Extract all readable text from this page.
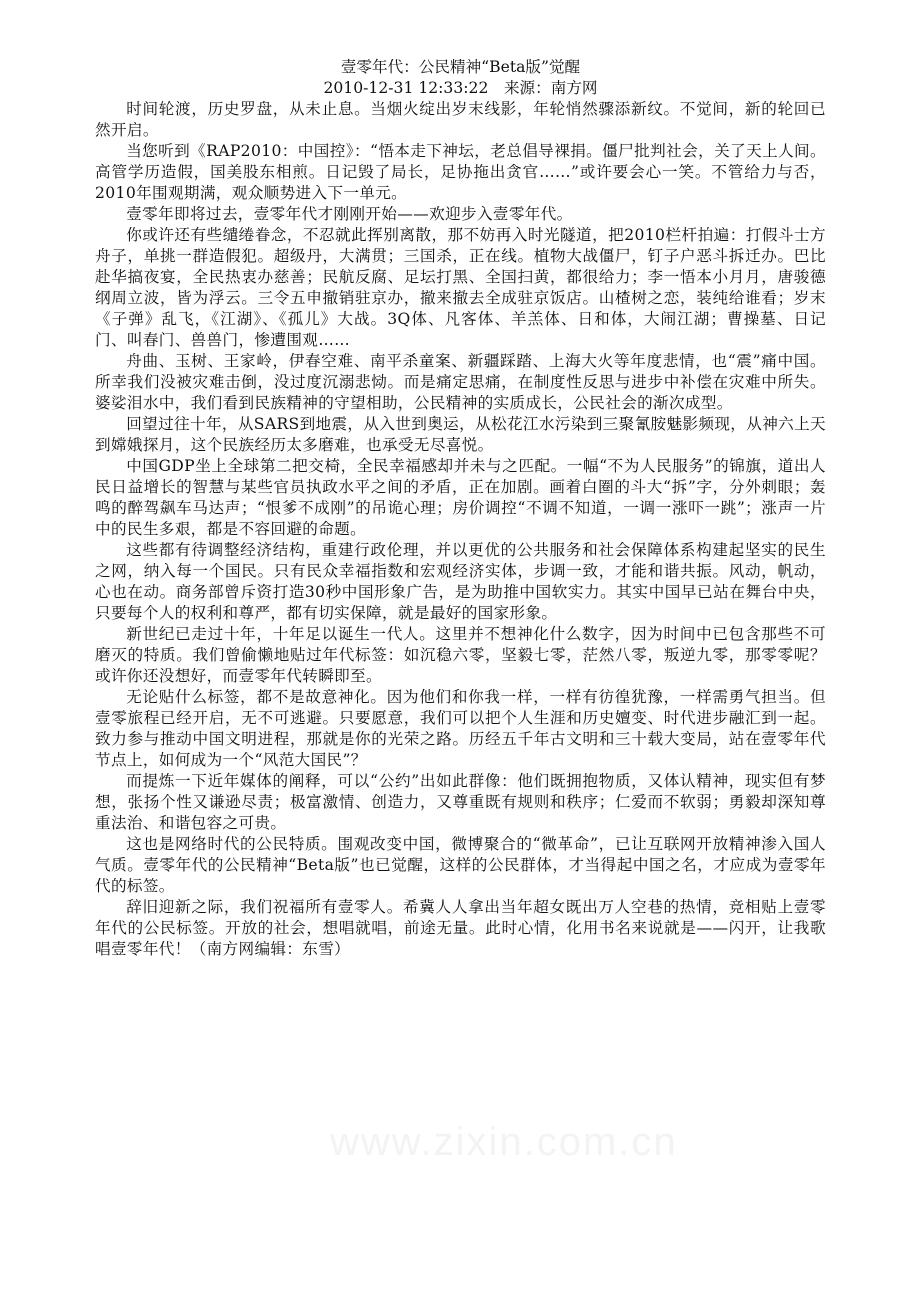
壹零年代：公民精神“Beta版”觉醒
2010-12-31 12:33:22　来源：南方网

时间轮渡，历史罗盘，从未止息。当烟火绽出岁末线影，年轮悄然骤添新纹。不觉间，新的轮回已然开启。

当您听到《RAP2010：中国控》：“悟本走下神坛，老总倡导裸捐。僵尸批判社会，关了天上人间。高管学历造假，国美股东相煎。日记毁了局长，足协拖出贪官……”或许要会心一笑。不管给力与否，2010年围观期满，观众顺势进入下一单元。

壹零年即将过去，壹零年代才刚刚开始——欢迎步入壹零年代。

你或许还有些缱绻眷念，不忍就此挥别离散，那不妨再入时光隧道，把2010栏杆拍遍：打假斗士方舟子，单挑一群造假犯。超级丹，大满贯；三国杀，正在线。植物大战僵尸，钉子户恶斗拆迁办。巴比赴华搞夜宴，全民热衷办慈善；民航反腐、足坛打黑、全国扫黄，都很给力；李一悟本小月月，唐骏德纲周立波，皆为浮云。三令五申撤销驻京办，撤来撤去全成驻京饭店。山楂树之恋，装纯给谁看；岁末《子弹》乱飞，《江湖》、《孤儿》大战。3Q体、凡客体、羊羔体、日和体，大闹江湖；曹操墓、日记门、叫春门、兽兽门，惨遭围观……

舟曲、玉树、王家岭，伊春空难、南平杀童案、新疆踩踏、上海大火等年度悲情，也“震”痛中国。所幸我们没被灾难击倒，没过度沉溺悲恸。而是痛定思痛，在制度性反思与进步中补偿在灾难中所失。婆娑泪水中，我们看到民族精神的守望相助，公民精神的实质成长，公民社会的渐次成型。

回望过往十年，从SARS到地震，从入世到奥运，从松花江水污染到三聚氰胺魅影频现，从神六上天到嫦娥探月，这个民族经历太多磨难，也承受无尽喜悦。

中国GDP坐上全球第二把交椅，全民幸福感却并未与之匹配。一幅“不为人民服务”的锦旗，道出人民日益增长的智慧与某些官员执政水平之间的矛盾，正在加剧。画着白圈的斗大“拆”字，分外刺眼；轰鸣的醉驾飙车马达声；“恨爹不成刚”的吊诡心理；房价调控“不调不知道，一调一涨吓一跳”；涨声一片中的民生多艰，都是不容回避的命题。

这些都有待调整经济结构，重建行政伦理，并以更优的公共服务和社会保障体系构建起坚实的民生之网，纳入每一个国民。只有民众幸福指数和宏观经济实体，步调一致，才能和谐共振。风动，帆动，心也在动。商务部曾斥资打造30秒中国形象广告，是为助推中国软实力。其实中国早已站在舞台中央，只要每个人的权利和尊严，都有切实保障，就是最好的国家形象。

新世纪已走过十年，十年足以诞生一代人。这里并不想神化什么数字，因为时间中已包含那些不可磨灭的特质。我们曾偷懒地贴过年代标签：如沉稳六零，坚毅七零，茫然八零，叛逆九零，那零零呢？或许你还没想好，而壹零年代转瞬即至。

无论贴什么标签，都不是故意神化。因为他们和你我一样，一样有彷徨犹豫，一样需勇气担当。但壹零旅程已经开启，无不可逃避。只要愿意，我们可以把个人生涯和历史嬗变、时代进步融汇到一起。致力参与推动中国文明进程，那就是你的光荣之路。历经五千年古文明和三十载大变局，站在壹零年代节点上，如何成为一个“风范大国民”？

而提炼一下近年媒体的阐释，可以“公约”出如此群像：他们既拥抱物质，又体认精神，现实但有梦想，张扬个性又谦逊尽责；极富激情、创造力，又尊重既有规则和秩序；仁爱而不软弱；勇毅却深知尊重法治、和谐包容之可贵。

这也是网络时代的公民特质。围观改变中国，微博聚合的“微革命”，已让互联网开放精神渗入国人气质。壹零年代的公民精神“Beta版”也已觉醒，这样的公民群体，才当得起中国之名，才应成为壹零年代的标签。

辞旧迎新之际，我们祝福所有壹零人。希冀人人拿出当年超女既出万人空巷的热情，竞相贴上壹零年代的公民标签。开放的社会，想唱就唱，前途无量。此时心情，化用书名来说就是——闪开，让我歌唱壹零年代！（南方网编辑：东雪）

www.zixin.com.cn
